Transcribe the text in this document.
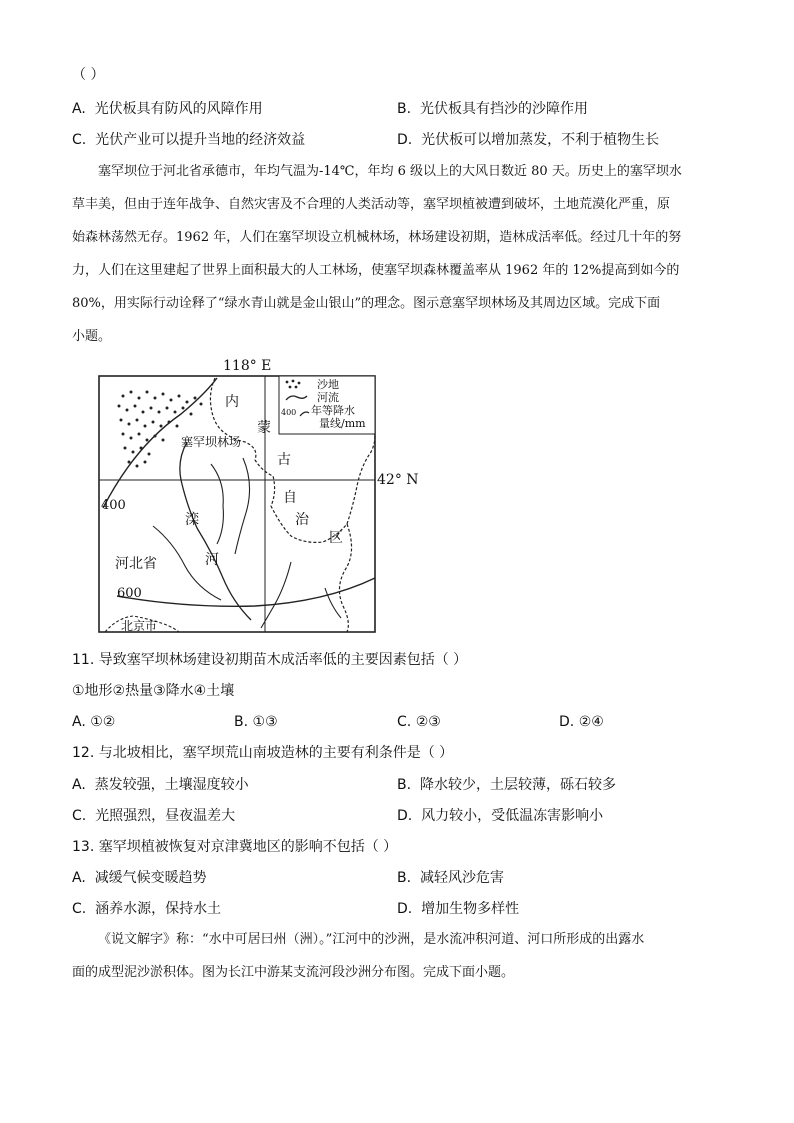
（ ）
A. 光伏板具有防风的风障作用	B. 光伏板具有挡沙的沙障作用
C. 光伏产业可以提升当地的经济效益	D. 光伏板可以增加蒸发，不利于植物生长
塞罕坝位于河北省承德市，年均气温为-14℃，年均 6 级以上的大风日数近 80 天。历史上的塞罕坝水
草丰美，但由于连年战争、自然灾害及不合理的人类活动等，塞罕坝植被遭到破坏，土地荒漠化严重，原
始森林荡然无存。1962 年，人们在塞罕坝设立机械林场，林场建设初期，造林成活率低。经过几十年的努
力，人们在这里建起了世界上面积最大的人工林场，使塞罕坝森林覆盖率从 1962 年的 12%提高到如今的
80%，用实际行动诠释了“绿水青山就是金山银山”的理念。图示意塞罕坝林场及其周边区域。完成下面
小题。
118° E
42° N
沙地
河流
400 年等降水
量线/mm
塞罕坝林场
内
蒙
古
自
治
区
滦
河
河北省
北京市
400
600
11. 导致塞罕坝林场建设初期苗木成活率低的主要因素包括（ ）
①地形②热量③降水④土壤
A. ①②	B. ①③	C. ②③	D. ②④
12. 与北坡相比，塞罕坝荒山南坡造林的主要有利条件是（ ）
A. 蒸发较强，土壤湿度较小	B. 降水较少，土层较薄，砾石较多
C. 光照强烈，昼夜温差大	D. 风力较小，受低温冻害影响小
13. 塞罕坝植被恢复对京津冀地区的影响不包括（ ）
A. 减缓气候变暖趋势	B. 减轻风沙危害
C. 涵养水源，保持水土	D. 增加生物多样性
《说文解字》称：“水中可居曰州（洲）。”江河中的沙洲，是水流冲积河道、河口所形成的出露水
面的成型泥沙淤积体。图为长江中游某支流河段沙洲分布图。完成下面小题。
